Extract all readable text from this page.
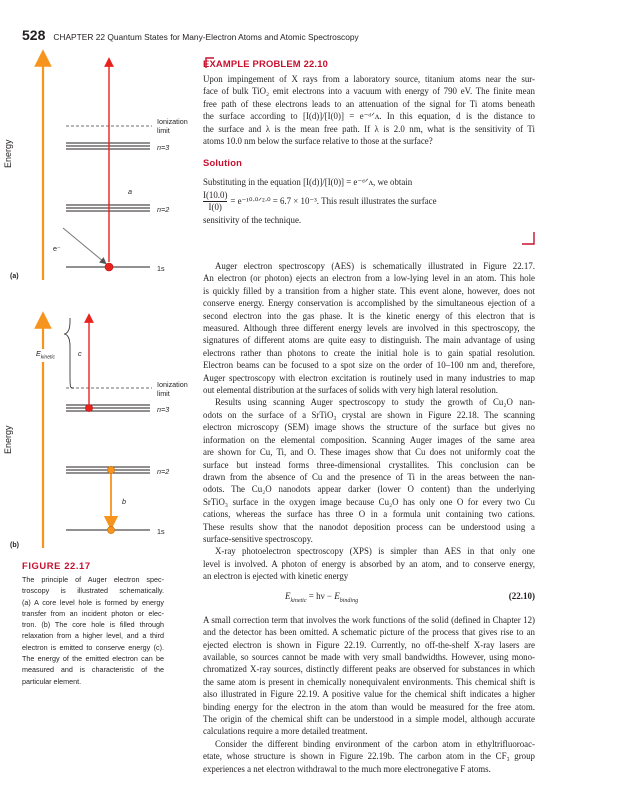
528 CHAPTER 22 Quantum States for Many-Electron Atoms and Atomic Spectroscopy
(a)
Energy
Ionization
limit
n=3
n=2
1s
a
e⁻
(b)
Energy
Ionization
limit
n=3
n=2
1s
$E_{kinetic}$
b
c
FIGURE 22.17
The principle of Auger electron spec-
troscopy is illustrated schematically.
(a) A core level hole is formed by energy
transfer from an incident photon or elec-
tron. (b) The core hole is filled through
relaxation from a higher level, and a third
electron is emitted to conserve energy (c).
The energy of the emitted electron can be
measured and is characteristic of the
particular element.
EXAMPLE PROBLEM 22.10
Upon impingement of X rays from a laboratory source, titanium atoms near the sur-
face of bulk TiO₂ emit electrons into a vacuum with energy of 790 eV. The finite mean
free path of these electrons leads to an attenuation of the signal for Ti atoms beneath
the surface according to [I(d)]/[I(0)] = e⁻ᵈᐟᴧ. In this equation, d is the distance to
the surface and λ is the mean free path. If λ is 2.0 nm, what is the sensitivity of Ti
atoms 10.0 nm below the surface relative to those at the surface?
Solution

Substituting in the equation [I(d)]/[I(0)] = e⁻ᵈᐟᴧ, we obtain

$\frac{I(10.0)}{I(0)}$ = e⁻¹⁰ᐧ⁰ᐟ²ᐧ⁰ = 6.7 × 10⁻³. This result illustrates the surface

sensitivity of the technique.

Auger electron spectroscopy (AES) is schematically illustrated in Figure 22.17.
An electron (or photon) ejects an electron from a low-lying level in an atom. This hole
is quickly filled by a transition from a higher state. This event alone, however, does not
conserve energy. Energy conservation is accomplished by the simultaneous ejection of a
second electron into the gas phase. It is the kinetic energy of this electron that is
measured. Although three different energy levels are involved in this spectroscopy, the
signatures of different atoms are quite easy to distinguish. The main advantage of using
electrons rather than photons to create the initial hole is to gain spatial resolution.
Electron beams can be focused to a spot size on the order of 10–100 nm and, therefore,
Auger spectroscopy with electron excitation is routinely used in many industries to map
out elemental distribution at the surfaces of solids with very high lateral resolution.
Results using scanning Auger spectroscopy to study the growth of Cu₂O nan-
odots on the surface of a SrTiO₃ crystal are shown in Figure 22.18. The scanning
electron microscopy (SEM) image shows the structure of the surface but gives no
information on the elemental composition. Scanning Auger images of the same area
are shown for Cu, Ti, and O. These images show that Cu does not uniformly coat the
surface but instead forms three-dimensional crystallites. This conclusion can be
drawn from the absence of Cu and the presence of Ti in the areas between the nan-
odots. The Cu₂O nanodots appear darker (lower O content) than the underlying
SrTiO₃ surface in the oxygen image because Cu₂O has only one O for every two Cu
cations, whereas the surface has three O in a formula unit containing two cations.
These results show that the nanodot deposition process can be understood using a
surface-sensitive spectroscopy.
X-ray photoelectron spectroscopy (XPS) is simpler than AES in that only one
level is involved. A photon of energy is absorbed by an atom, and to conserve energy,
an electron is ejected with kinetic energy
$E_{kinetic} = h\nu - E_{binding}$	(22.10)
A small correction term that involves the work functions of the solid (defined in Chapter 12)
and the detector has been omitted. A schematic picture of the process that gives rise to an
ejected electron is shown in Figure 22.19. Currently, no off-the-shelf X-ray lasers are
available, so sources cannot be made with very small bandwidths. However, using mono-
chromatized X-ray sources, distinctly different peaks are observed for substances in which
the same atom is present in chemically nonequivalent environments. This chemical shift is
also illustrated in Figure 22.19. A positive value for the chemical shift indicates a higher
binding energy for the electron in the atom than would be measured for the free atom.
The origin of the chemical shift can be understood in a simple model, although accurate
calculations require a more detailed treatment.
Consider the different binding environment of the carbon atom in ethyltrifluoroac-
etate, whose structure is shown in Figure 22.19b. The carbon atom in the CF₃ group
experiences a net electron withdrawal to the much more electronegative F atoms.
